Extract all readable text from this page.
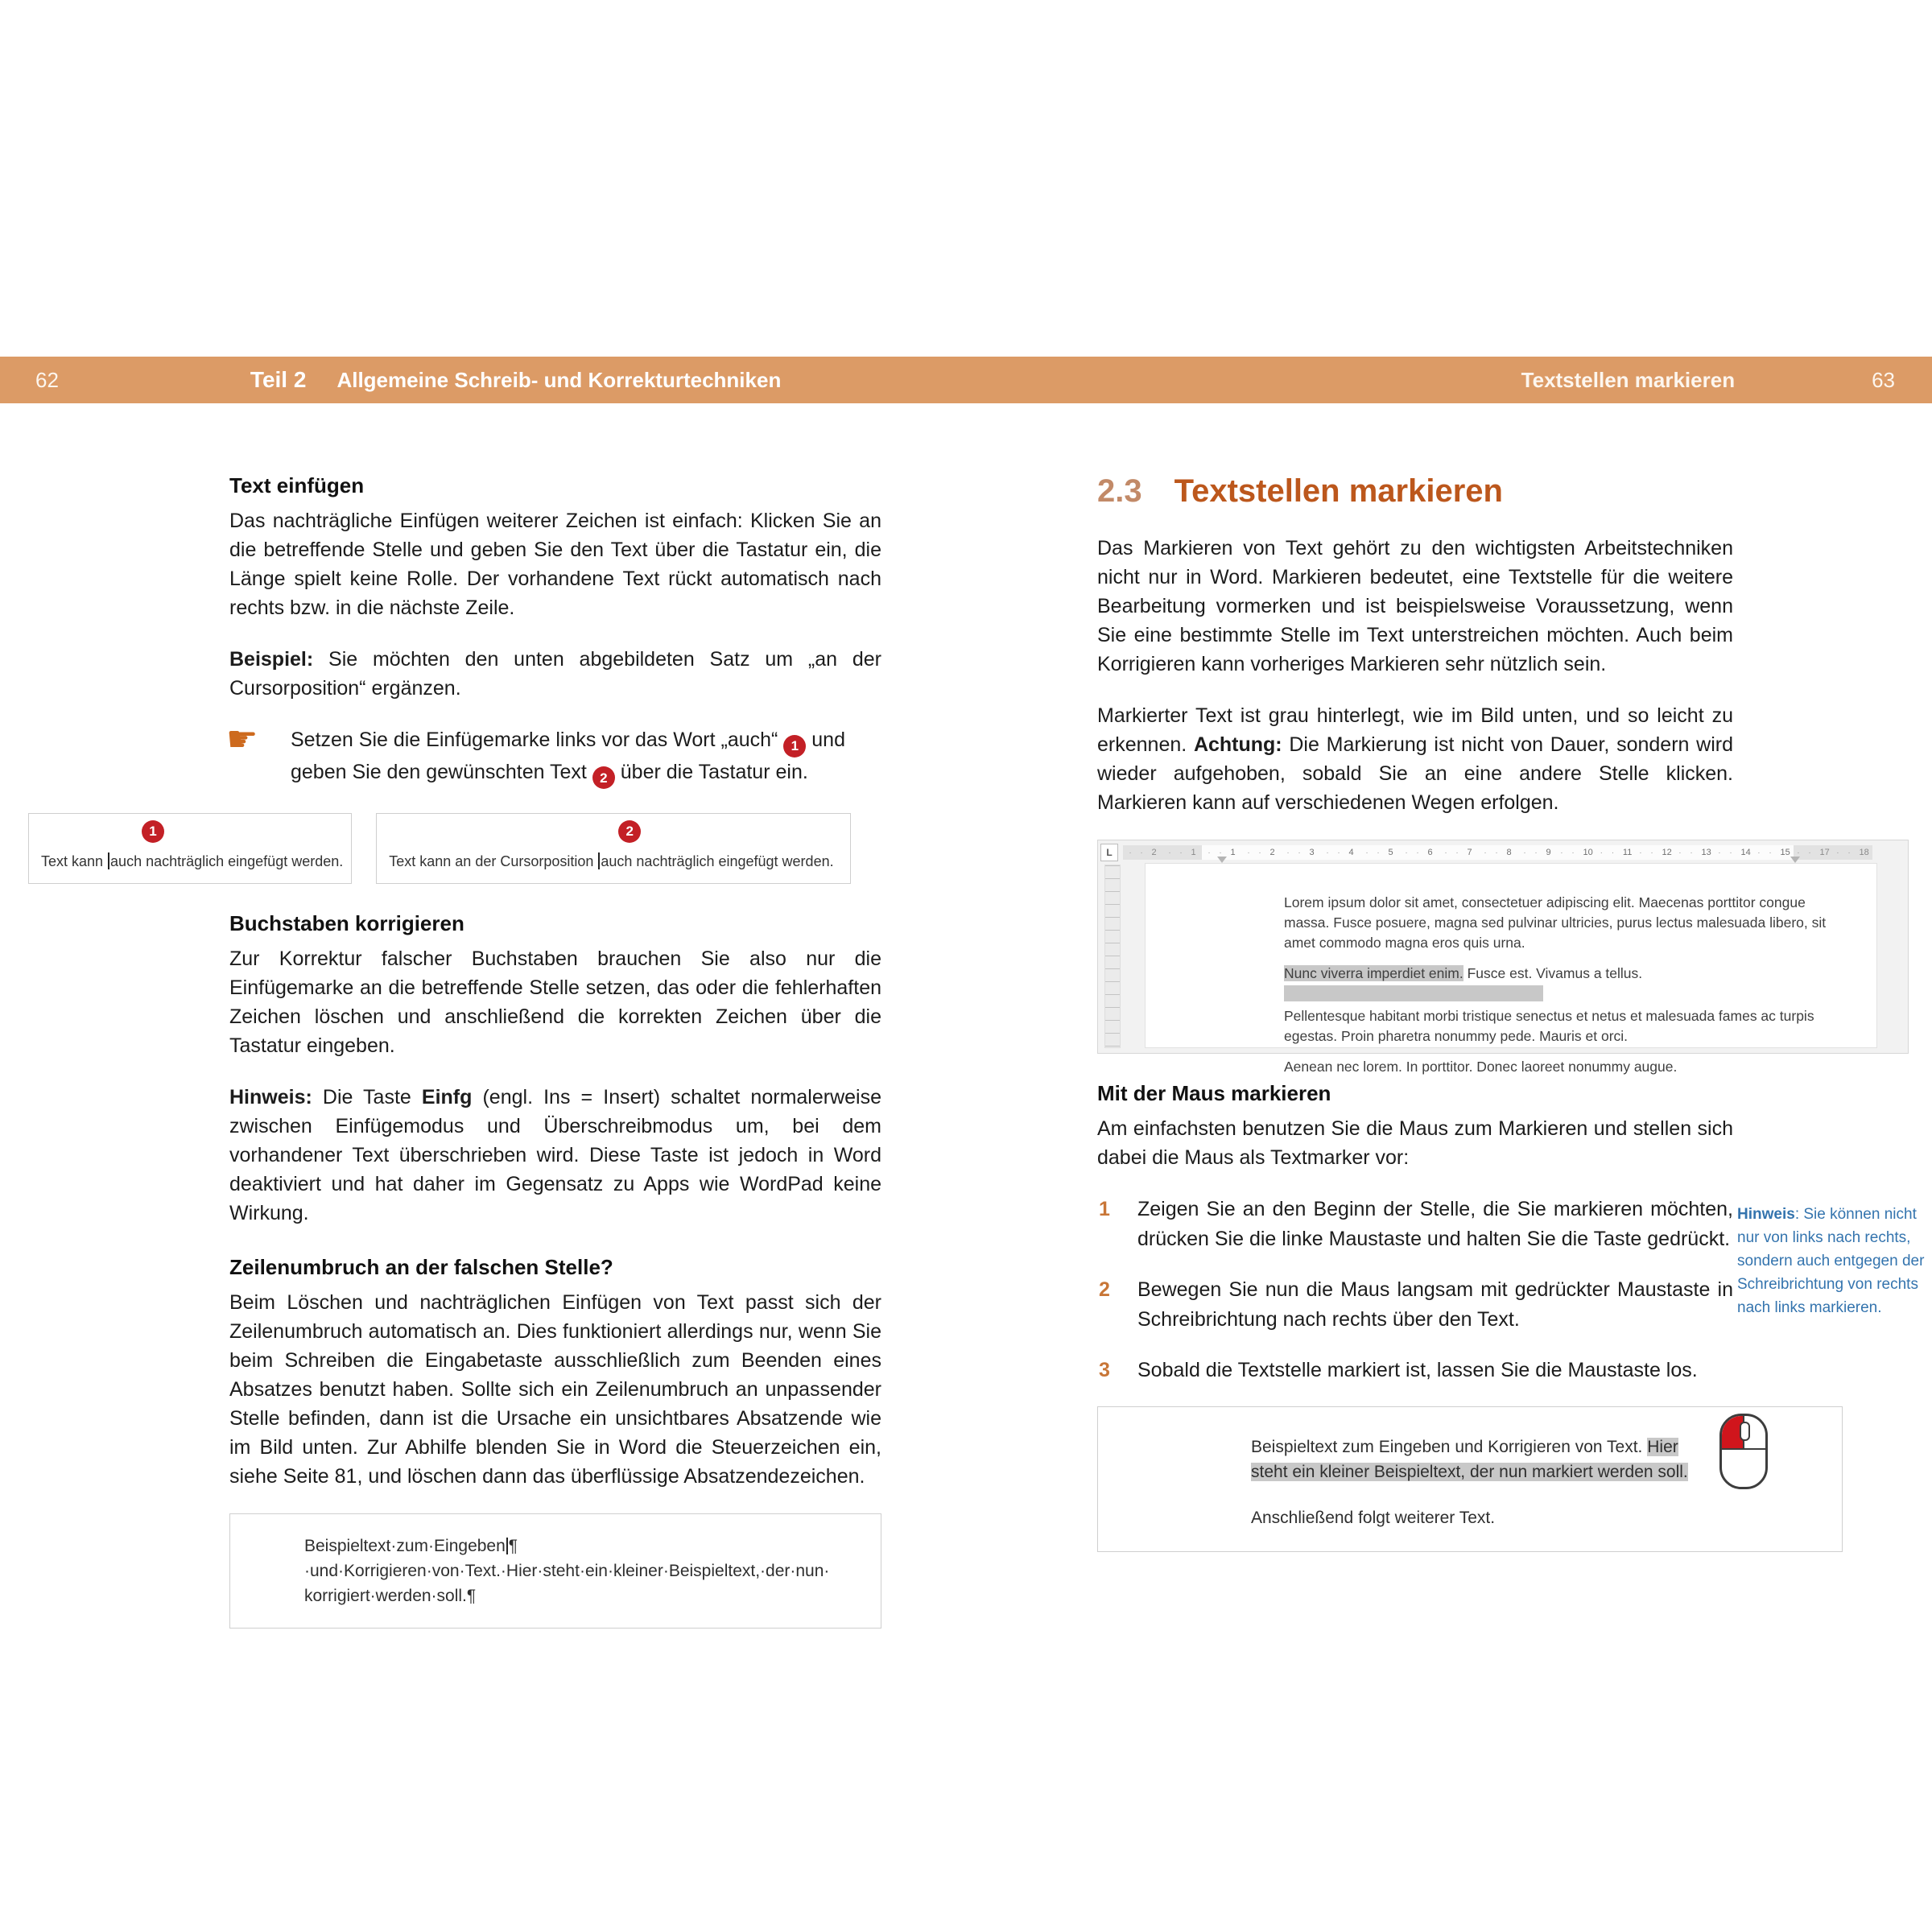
62	Teil 2 Allgemeine Schreib- und Korrekturtechniken	Textstellen markieren	63
Text einfügen

Das nachträgliche Einfügen weiterer Zeichen ist einfach: Klicken Sie an die betreffende Stelle und geben Sie den Text über die Tastatur ein, die Länge spielt keine Rolle. Der vorhandene Text rückt automatisch nach rechts bzw. in die nächste Zeile.

Beispiel: Sie möchten den unten abgebildeten Satz um „an der Cursorposition“ ergänzen.

☛ Setzen Sie die Einfügemarke links vor das Wort „auch“ 1 und geben Sie den gewünschten Text 2 über die Tastatur ein.

1
Text kann auch nachträglich eingefügt werden.
2
Text kann an der Cursorposition auch nachträglich eingefügt werden.
Buchstaben korrigieren

Zur Korrektur falscher Buchstaben brauchen Sie also nur die Einfügemarke an die betreffende Stelle setzen, das oder die fehlerhaften Zeichen löschen und anschließend die korrekten Zeichen über die Tastatur eingeben.

Hinweis: Die Taste Einfg (engl. Ins = Insert) schaltet normalerweise zwischen Einfügemodus und Überschreibmodus um, bei dem vorhandener Text überschrieben wird. Diese Taste ist jedoch in Word deaktiviert und hat daher im Gegensatz zu Apps wie WordPad keine Wirkung.

Zeilenumbruch an der falschen Stelle?

Beim Löschen und nachträglichen Einfügen von Text passt sich der Zeilenumbruch automatisch an. Dies funktioniert allerdings nur, wenn Sie beim Schreiben die Eingabetaste ausschließlich zum Beenden eines Absatzes benutzt haben. Sollte sich ein Zeilenumbruch an unpassender Stelle befinden, dann ist die Ursache ein unsichtbares Absatzende wie im Bild unten. Zur Abhilfe blenden Sie in Word die Steuerzeichen ein, siehe Seite 81, und löschen dann das überflüssige Absatzendezeichen.

Beispieltext·zum·Eingeben ¶
·und·Korrigieren·von·Text.·Hier·steht·ein·kleiner·Beispieltext,·der·nun·
korrigiert·werden·soll.¶
2.3 Textstellen markieren

Das Markieren von Text gehört zu den wichtigsten Arbeitstechniken nicht nur in Word. Markieren bedeutet, eine Textstelle für die weitere Bearbeitung vormerken und ist beispielsweise Voraussetzung, wenn Sie eine bestimmte Stelle im Text unterstreichen möchten. Auch beim Korrigieren kann vorheriges Markieren sehr nützlich sein.

Markierter Text ist grau hinterlegt, wie im Bild unten, und so leicht zu erkennen. Achtung: Die Markierung ist nicht von Dauer, sondern wird wieder aufgehoben, sobald Sie an eine andere Stelle klicken. Markieren kann auf verschiedenen Wegen erfolgen.

L	· · 2	· · 1	· · 1	· · 2	· · 3	· · 4	· · 5	· · 6	· · 7	· · 8	· · 9	· · 10	· · 11	· · 12	· · 13	· · 14	· · 15	· · 17	· · 18

Lorem ipsum dolor sit amet, consectetuer adipiscing elit. Maecenas porttitor congue massa. Fusce posuere, magna sed pulvinar ultricies, purus lectus malesuada libero, sit amet commodo magna eros quis urna.

Nunc viverra imperdiet enim. Fusce est. Vivamus a tellus.

Pellentesque habitant morbi tristique senectus et netus et malesuada fames ac turpis egestas. Proin pharetra nonummy pede. Mauris et orci.

Aenean nec lorem. In porttitor. Donec laoreet nonummy augue.

Mit der Maus markieren

Am einfachsten benutzen Sie die Maus zum Markieren und stellen sich dabei die Maus als Textmarker vor:

1 Zeigen Sie an den Beginn der Stelle, die Sie markieren möchten, drücken Sie die linke Maustaste und halten Sie die Taste gedrückt.
2 Bewegen Sie nun die Maus langsam mit gedrückter Maustaste in Schreibrichtung nach rechts über den Text.
3 Sobald die Textstelle markiert ist, lassen Sie die Maustaste los.

Beispieltext zum Eingeben und Korrigieren von Text. Hier steht ein kleiner Beispieltext, der nun markiert werden soll.

Anschließend folgt weiterer Text.

Hinweis: Sie können nicht nur von links nach rechts, sondern auch entgegen der Schreibrichtung von rechts nach links markieren.
